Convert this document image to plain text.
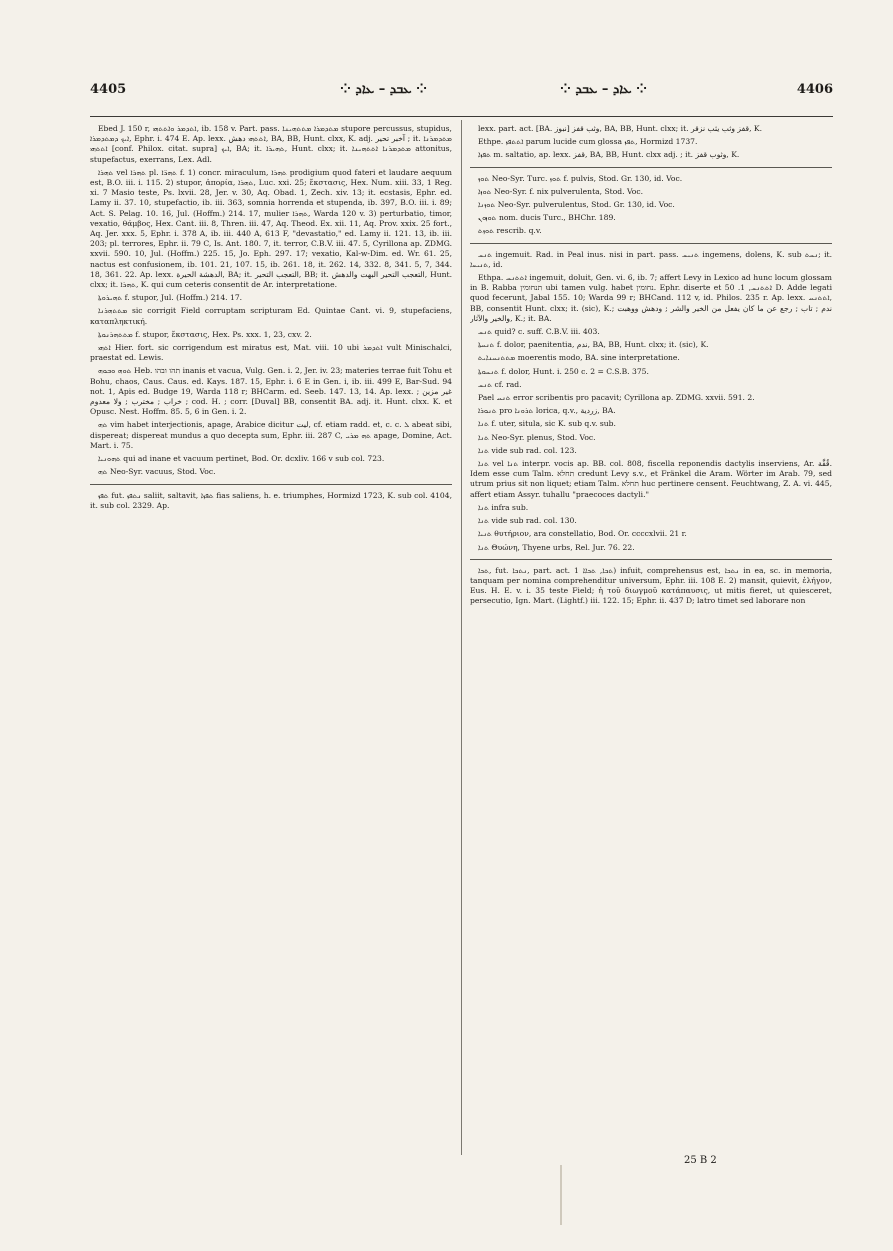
4405	⁘ ܥܒܕ – ܥܐܕ ⁘	⁘ ܥܐܕ – ܥܒܕ ⁘	4406

Ebed J. 150 r, ܐܬܕܡܪ ܘܐܬܬܗܝ, ib. 158 v. Part. pass. ܡܬܕܡܪܐ ܡܬܬܗܝܢܐ stupore percussus, stupidus, ܐܝܟ ܕܡܬܕܡܪܐ, Ephr. i. 474 E. Ap. lexx. ܐܬܬܗܝ دهش, BA, BB, Hunt. clxx, K. adj. آخبر تحير ; it. ܡܬܕܡܪܢܐ ܐܬܬܗܝ [conf. Philox. citat. supra] ܐܝܟ, BA; it. ܬܗܝܪܐ, Hunt. clxx; it. ܡܬܕܡܪܢܐ ܐܬܬܗܝܢܐ attonitus, stupefactus, exerrans, Lex. Adl.

ܬܗܪܐ vel ܬܗܪܐ pl. ܬܗܪ̈ܐ f. 1) concr. miraculum, ܬܗܪܐ prodigium quod fateri et laudare aequum est, B.O. iii. i. 115. 2) stupor, ἀπορία, ܬܗܪܐ, Luc. xxi. 25; ἔκστασις, Hex. Num. xiii. 33, 1 Reg. xi. 7 Masio teste, Ps. lxvii. 28, Jer. v. 30, Aq. Obad. 1, Zech. xiv. 13; it. ecstasis, Ephr. ed. Lamy ii. 37. 10, stupefactio, ib. iii. 363, somnia horrenda et stupenda, ib. 397, B.O. iii. i. 89; Act. S. Pelag. 10. 16, Jul. (Hoffm.) 214. 17, mulier ܬܗܪܐ, Warda 120 v. 3) perturbatio, timor, vexatio, θάμβος, Hex. Cant. iii. 8, Thren. iii. 47, Aq. Theod. Ex. xii. 11, Aq. Prov. xxix. 25 fort., Aq. Jer. xxx. 5, Ephr. i. 378 A, ib. iii. 440 A, 613 F, "devastatio," ed. Lamy ii. 121. 13, ib. iii. 203; pl. terrores, Ephr. ii. 79 C, Is. Ant. 180. 7, it. terror, C.B.V. iii. 47. 5, Cyrillona ap. ZDMG. xxvii. 590. 10, Jul. (Hoffm.) 225. 15, Jo. Eph. 297. 17; vexatio, Kal-w-Dim. ed. Wr. 61. 25, nactus est confusionem, ib. 101. 21, 107. 15, ib. 261. 18, it. 262. 14, 332. 8, 341. 5, 7, 344. 18, 361. 22. Ap. lexx. الدهشة الحيرة, BA; it. التعجب التحير, BB; it. التعجب التحير البهت والدهش, Hunt. clxx; it. ܬܗܪܐ, K. qui cum ceteris consentit de Ar. interpretatione.

ܬܗܝܪܘܬܐ f. stupor, Jul. (Hoffm.) 214. 17.

ܡܬܬܗܪܢܐ sic corrigit Field corruptam scripturam Ed. Quintae Cant. vi. 9, stupefaciens, καταπληκτική.

ܡܬܬܗܪܢܘܬܐ f. stupor, ἔκστασις, Hex. Ps. xxx. 1, 23, cxv. 2.

ܐܬܗܝ Hier. fort. sic corrigendum est miratus est, Mat. viii. 10 ubi ܐܬܕܡܪ vult Minischalci, praestat ed. Lewis.

ܬܘܗ ܘܒܘܗ Heb. תהו ובהו inanis et vacua, Vulg. Gen. i. 2, Jer. iv. 23; materies terrae fuit Tohu et Bohu, chaos, Caus. Caus. ed. Kays. 187. 15, Ephr. i. 6 E in Gen. i, ib. iii. 499 E, Bar-Sud. 94 not. 1, Apis ed. Budge 19, Warda 118 r; BHCarm. ed. Seeb. 147. 13, 14. Ap. lexx. غير مزين ; خراب ; مخترب ; ولا معدوم ; cod. H. ; corr. [Duval] BB, consentit BA. adj. it. Hunt. clxx. K. et Opusc. Nest. Hoffm. 85. 5, 6 in Gen. i. 2.

ܬܗ vim habet interjectionis, apage, Arabice dicitur ليت, cf. etiam radd. et, c. c. ܠ abeat sibi, dispereat; dispereat mundus a quo decepta sum, Ephr. iii. 287 C, ܬܗ ܡܪܝ apage, Domine, Act. Mart. i. 75.

ܬܗܘܢܝܐ qui ad inane et vacuum pertinet, Bod. Or. dcxliv. 166 v sub col. 723.

ܬܗ Neo-Syr. vacuus, Stod. Voc.

ܬܦܙ fut. ܢܬܦܙ saliit, saltavit, ܬܦܙܐ fias saliens, h. e. triumphes, Hormizd 1723, K. sub col. 4104, it. sub col. 2329. Ap.

lexx. part. act. [BA. نبوز] وثب قفز, BA, BB, Hunt. clxx; it. قفز وثب يثب نزقر, K.

Ethpe. ܐܬܬܦܙ parum lucide cum glossa ܬܦܙ, Hormizd 1737.

ܬܦܙܐ m. saltatio, ap. lexx. قفز, BA, BB, Hunt. clxx adj. ; it. وثوب قفز, K.

ܬܘܙ Neo-Syr. Turc. ܬܘܙ f. pulvis, Stod. Gr. 130, id. Voc.

ܬܘܙܐ Neo-Syr. f. nix pulverulenta, Stod. Voc.

ܬܘܙܢܐ Neo-Syr. pulverulentus, Stod. Gr. 130, id. Voc.

ܬܘܙܘܢ nom. ducis Turc., BHChr. 189.

ܬܘܙܬ rescrib. q.v.

ܬܢܚ ingemuit. Rad. in Peal inus. nisi in part. pass. ܬܢܝܚ ingemens, dolens, K. sub ܢܚܬ; it. ܬܢܝܚܐ, id.

Ethpa. ܐܬܬܢܚ ingemuit, doluit, Gen. vi. 6, ib. 7; affert Levy in Lexico ad hunc locum glossam in B. Rabba תנחומין ubi tamen vulg. habet נחומין. Ephr. diserte et ܐܬܬܢܚ, 1. 50 D. Adde legati quod fecerunt, Jabal 155. 10; Warda 99 r; BHCand. 112 v, id. Philos. 235 r. Ap. lexx. ܐܬܬܢܚ, BB, consentit Hunt. clxx; it. (sic), K.; ندم ; تاب ; رجع عن ما كان يفعل من الخير والشر ; ودهش ووهبت والخير والآثار, K.; it. BA.

ܬܢܚ quid? c. suff. C.B.V. iii. 403.

ܬܢܚܬܐ f. dolor, paenitentia, ندم, BA, BB, Hunt. clxx; it. (sic), K.

ܡܬܬܢܚܢܐܝܬ moerentis modo, BA. sine interpretatione.

ܬܢܚܘܬܐ f. dolor, Hunt. i. 250 c. 2 = C.S.B. 375.

ܬܢܚ cf. rad.

Pael ܬܢܚ error scribentis pro pacavit; Cyrillona ap. ZDMG. xxvii. 591. 2.

ܬܢܘܪܐ pro ܬܪܘܢܐ lorica, q.v., زردية, BA.

ܬܢܐ f. uter, situla, sic K. sub q.v. sub.

ܬܢܐ Neo-Syr. plenus, Stod. Voc.

ܬܢܐ vide sub rad. col. 123.

ܬܢܐ vel ܬܢܐ interpr. vocis ap. BB. col. 808, fiscella reponendis dactylis inserviens, Ar. قُفَّة. Idem esse cum Talm. תחלא credunt Levy s.v., et Fränkel die Aram. Wörter im Arab. 79, sed utrum prius sit non liquet; etiam Talm. תחלא huc pertinere censent. Feuchtwang, Z. A. vi. 445, affert etiam Assyr. tuhallu "praecoces dactyli."

ܬܢܐ infra sub.

ܬܢܐ vide sub rad. col. 130.

ܬܢܝܐ θυτήριον, ara constellatio, Bod. Or. ccccxlvii. 21 r.

ܬܢܐ Θυώνη, Thyene urbs, Rel. Jur. 76. 22.

ܬܟܐ, fut. ܢܬܟܐ, part. act. ܬܟܐ, ܬܟܐܐ 1) infuit, comprehensus est, ܢܬܟܐ in ea, sc. in memoria, tanquam per nomina comprehenditur universum, Ephr. iii. 108 E. 2) mansit, quievit, ἐλήγον, Eus. H. E. v. i. 35 teste Field; ἡ τοῦ διωγμοῦ κατάπαυσις, ut mitis fieret, ut quiesceret, persecutio, Ign. Mart. (Lightf.) iii. 122. 15; Ephr. ii. 437 D; latro timet sed laborare non

25 B 2
